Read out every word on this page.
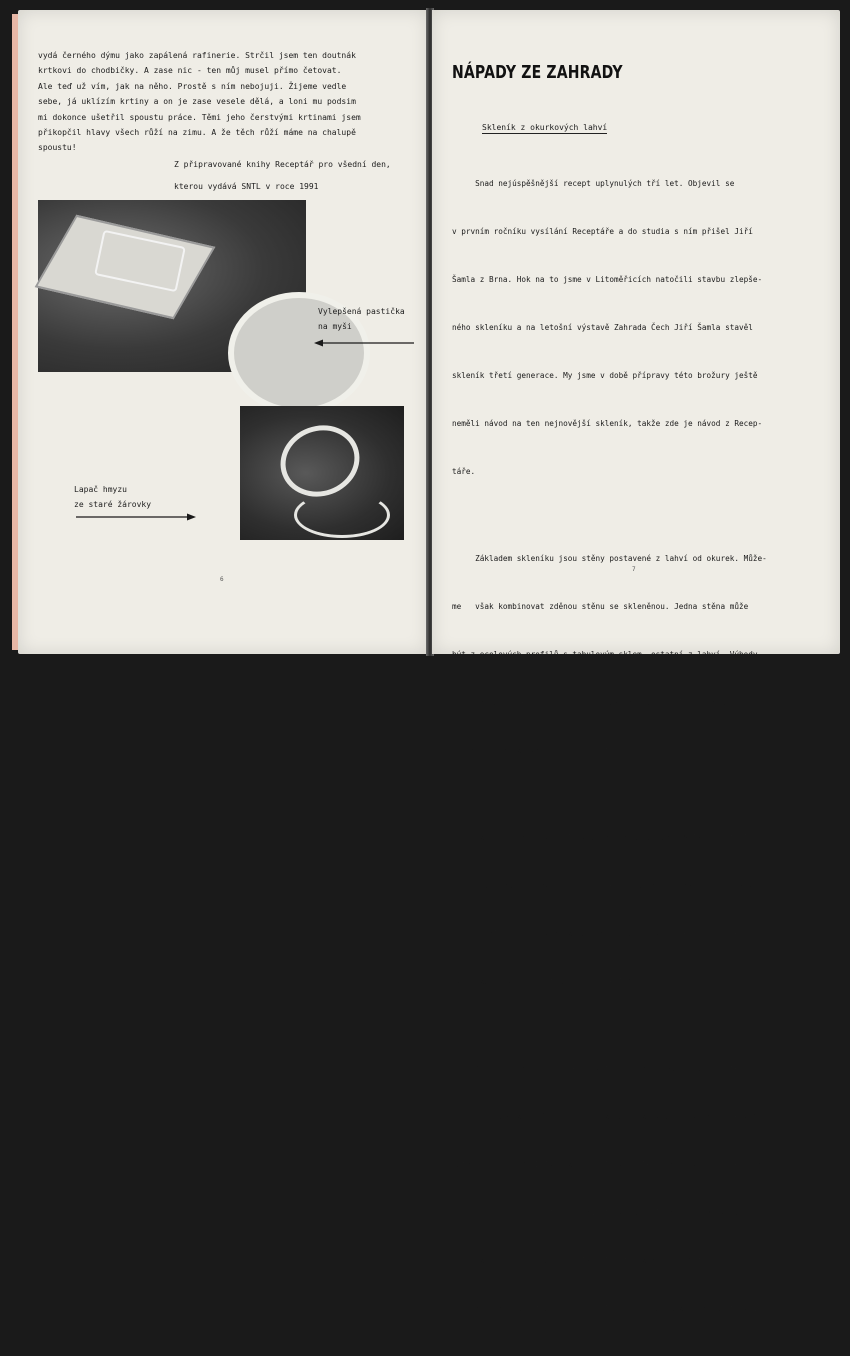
vydá černého dýmu jako zapálená rafinerie. Strčil jsem ten doutnák

krtkovi do chodbičky. A zase nic - ten můj musel přímo četovat.

Ale teď už vím, jak na něho. Prostě s ním nebojuji. Žijeme vedle

sebe, já uklízím krtiny a on je zase vesele dělá, a loni mu podsim

mi dokonce ušetřil spoustu práce. Těmi jeho čerstvými krtinami jsem

přikopčil hlavy všech růží na zimu. A že těch růží máme na chalupě

spoustu!

Z připravované knihy Receptář pro všední den,

kterou vydává SNTL v roce 1991

Vylepšená pastička

na myši

Lapač hmyzu

ze staré žárovky

6
NÁPADY ZE ZAHRADY
Skleník z okurkových lahví

Snad nejúspěšnější recept uplynulých tří let. Objevil se

v prvním ročníku vysílání Receptáře a do studia s ním přišel Jiří

Šamla z Brna. Hok na to jsme v Litoměřicích natočili stavbu zlepše-

ného skleníku a na letošní výstavě Zahrada Čech Jiří Šamla stavěl

skleník třetí generace. My jsme v době přípravy této brožury ještě

neměli návod na ten nejnovější skleník, takže zde je návod z Recep-

táře.

Základem skleníku jsou stěny postavené z lahví od okurek. Může-

me   však kombinovat zděnou stěnu se skleněnou. Jedna stěna může

být z ocelových profilů s tabulovým sklem, ostatní z lahví. Výhody

stěny z lahví se projeví v zimě, když tabulové sklo zamrzne a stěna

z lahví zůstane nezamrzlá, průsvitná.

Nejprve vykopeme základy do zámrzné hloubky. Měly by být alespoň

60 cm hluboké, široké 30 cm s průběžnou patkou šířky 50 cm a výšky

15 cm. Skleník můžeme také zapustit pod úroveň terénu, je lépe chrá-

něn před mrazem a spotřebujeme méně lahví.

Když máme základový beton zatvrdlý, začneme stavbou   stěn.

Udělám si bednění 26 cm vysoké. Sestává se ze dvou desek spojených

latkami /svlaky/. Délku desek zvolíme podle délky stěn. Při delších

stěnách budeme nejčastěji používat bednění dlouhé 4 m. Na základ po-

stavíme první řadu lahví hrdly dolů, těsně k sobě. K této lahvím

přiložíme z obou stran bednění a lahce ji stáhneme dráty omotanými

7
